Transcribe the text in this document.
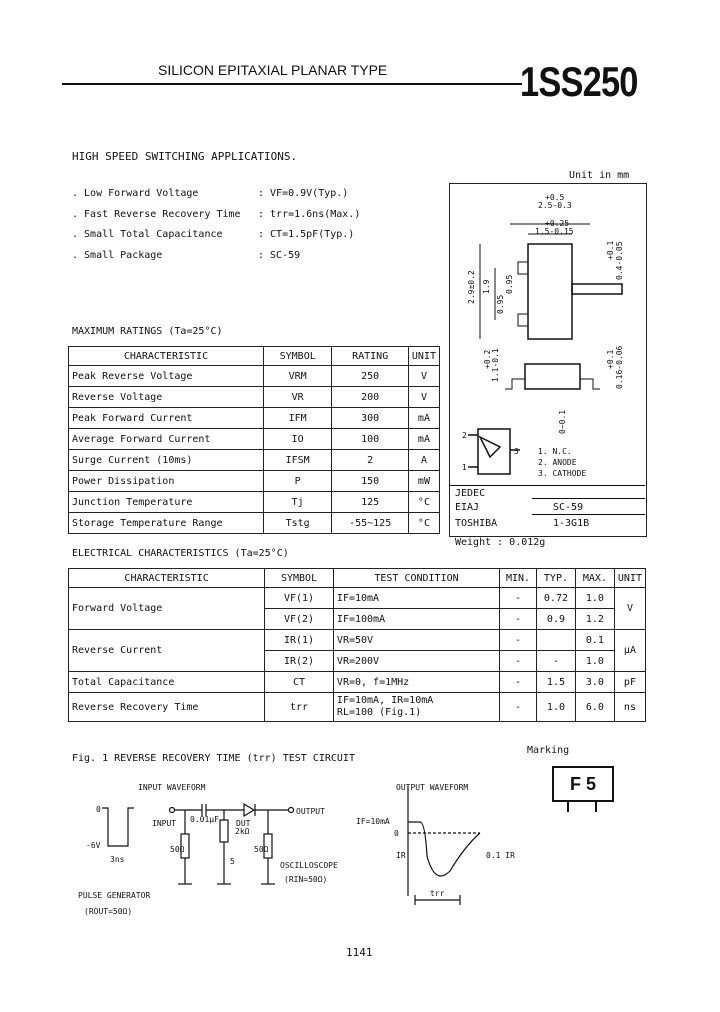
SILICON EPITAXIAL PLANAR TYPE	1SS250
HIGH SPEED SWITCHING APPLICATIONS.
Unit in mm
. Low Forward Voltage	: VF=0.9V(Typ.)
. Fast Reverse Recovery Time : trr=1.6ns(Max.)
. Small Total Capacitance	: CT=1.5pF(Typ.)
. Small Package	: SC-59
+0.5
2.5-0.3
+0.25
1.5-0.15
2.9±0.2 1.9
0.95
0.95
+0.1 0.4-0.05
+0.2 1.1-0.1	+0.1 0.16-0.06
0~0.1
1
2
3 1. N.C.
2. ANODE
3. CATHODE
JEDEC
EIAJ	SC-59
TOSHIBA	1-3G1B
Weight : 0.012g
MAXIMUM RATINGS (Ta=25°C)
CHARACTERISTIC	SYMBOL	RATING	UNIT
Peak Reverse Voltage	VRM	250	V
Reverse Voltage	VR	200	V
Peak Forward Current	IFM	300	mA
Average Forward Current	IO	100	mA
Surge Current (10ms)	IFSM	2	A
Power Dissipation	P	150	mW
Junction Temperature	Tj	125	°C
Storage Temperature Range	Tstg	-55~125	°C
ELECTRICAL CHARACTERISTICS (Ta=25°C)
CHARACTERISTIC	SYMBOL	TEST CONDITION	MIN.	TYP.	MAX.	UNIT
Forward Voltage	VF(1)	IF=10mA	-	0.72	1.0	V
	VF(2)	IF=100mA	-	0.9	1.2	
Reverse Current	IR(1)	VR=50V	-		0.1	μA
	IR(2)	VR=200V	-	-	1.0	
Total Capacitance	CT	VR=0, f=1MHz	-	1.5	3.0	pF
Reverse Recovery Time	trr	IF=10mA, IR=10mA
RL=100 (Fig.1)	-	1.0	6.0	ns
Fig. 1 REVERSE RECOVERY TIME (trr) TEST CIRCUIT
Marking
F 5
INPUT WAVEFORM	OUTPUT WAVEFORM
0
-6V
3ns
INPUT 0.01μF DUT
OUTPUT
2kΩ
50Ω	50Ω
5	OSCILLOSCOPE
(RIN=50Ω)
PULSE GENERATOR
(ROUT=50Ω)
IF=10mA
0
IR	0.1 IR
trr
1141
